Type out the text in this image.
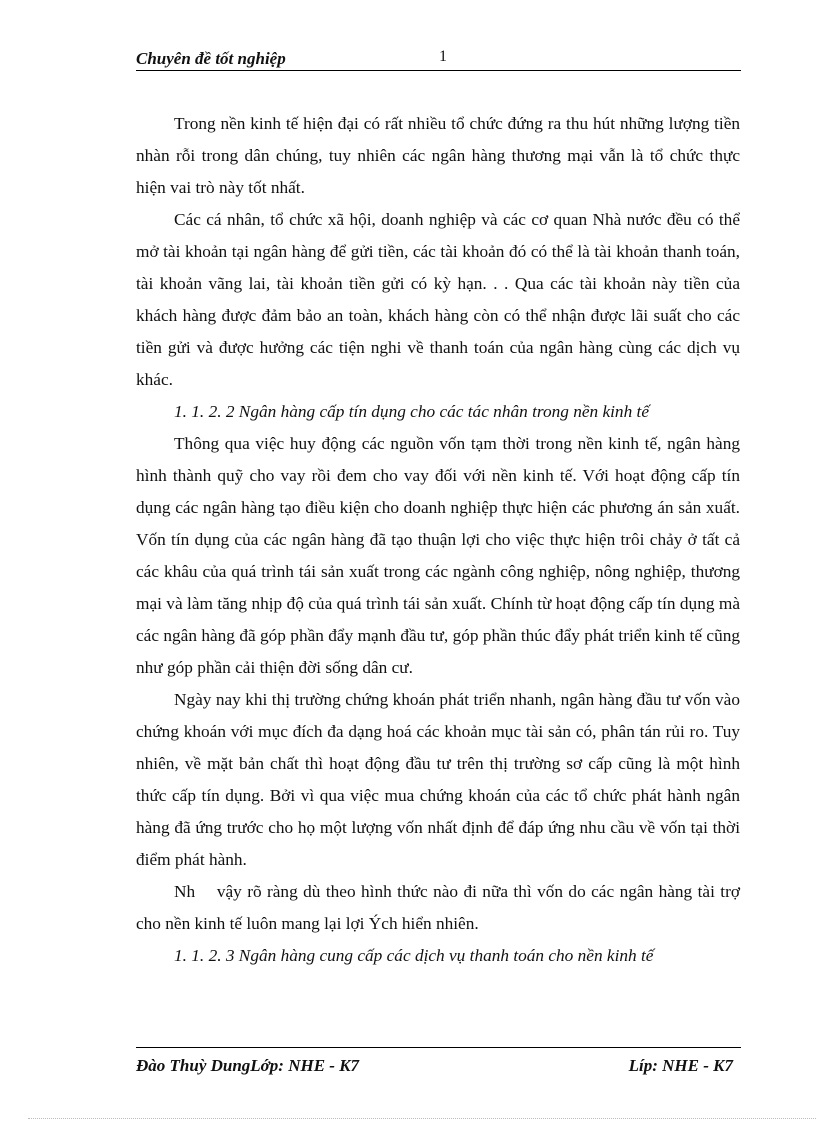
Chuyên đề tốt nghiệp	1

Trong nền kinh tế hiện đại có rất nhiều tổ chức đứng ra thu hút những lượng tiền nhàn rỗi trong dân chúng, tuy nhiên các ngân hàng thương mại vẫn là tổ chức thực hiện vai trò này tốt nhất.

Các cá nhân, tổ chức xã hội, doanh nghiệp và các cơ quan Nhà nước đều có thể mở tài khoản tại ngân hàng để gửi tiền, các tài khoản đó có thể là tài khoản thanh toán, tài khoản vãng lai, tài khoản tiền gửi có kỳ hạn. . . Qua các tài khoản này tiền của khách hàng được đảm bảo an toàn, khách hàng còn có thể nhận được lãi suất cho các tiền gửi và được hưởng các tiện nghi về thanh toán của ngân hàng cùng các dịch vụ khác.

1. 1. 2. 2 Ngân hàng cấp tín dụng cho các tác nhân trong nền kinh tế

Thông qua việc huy động các nguồn vốn tạm thời trong nền kinh tế, ngân hàng hình thành quỹ cho vay rồi đem cho vay đối với nền kinh tế. Với hoạt động cấp tín dụng các ngân hàng tạo điều kiện cho doanh nghiệp thực hiện các phương án sản xuất. Vốn tín dụng của các ngân hàng đã tạo thuận lợi cho việc thực hiện trôi chảy ở tất cả các khâu của quá trình tái sản xuất trong các ngành công nghiệp, nông nghiệp, thương mại và làm tăng nhịp độ của quá trình tái sản xuất. Chính từ hoạt động cấp tín dụng mà các ngân hàng đã góp phần đẩy mạnh đầu tư, góp phần thúc đẩy phát triển kinh tế cũng như góp phần cải thiện đời sống dân cư.

Ngày nay khi thị trường chứng khoán phát triển nhanh, ngân hàng đầu tư vốn vào chứng khoán với mục đích đa dạng hoá các khoản mục tài sản có, phân tán rủi ro. Tuy nhiên, về mặt bản chất thì hoạt động đầu tư trên thị trường sơ cấp cũng là một hình thức cấp tín dụng. Bởi vì qua việc mua chứng khoán của các tổ chức phát hành ngân hàng đã ứng trước cho họ một lượng vốn nhất định để đáp ứng nhu cầu về vốn tại thời điểm phát hành.

Nh    vậy rõ ràng dù theo hình thức nào đi nữa thì vốn do các ngân hàng tài trợ cho nền kinh tế luôn mang lại lợi Ých hiển nhiên.

1. 1. 2. 3 Ngân hàng cung cấp các dịch vụ thanh toán cho nền kinh tế

Đào Thuỳ DungLớp: NHE - K7	Líp: NHE - K7
